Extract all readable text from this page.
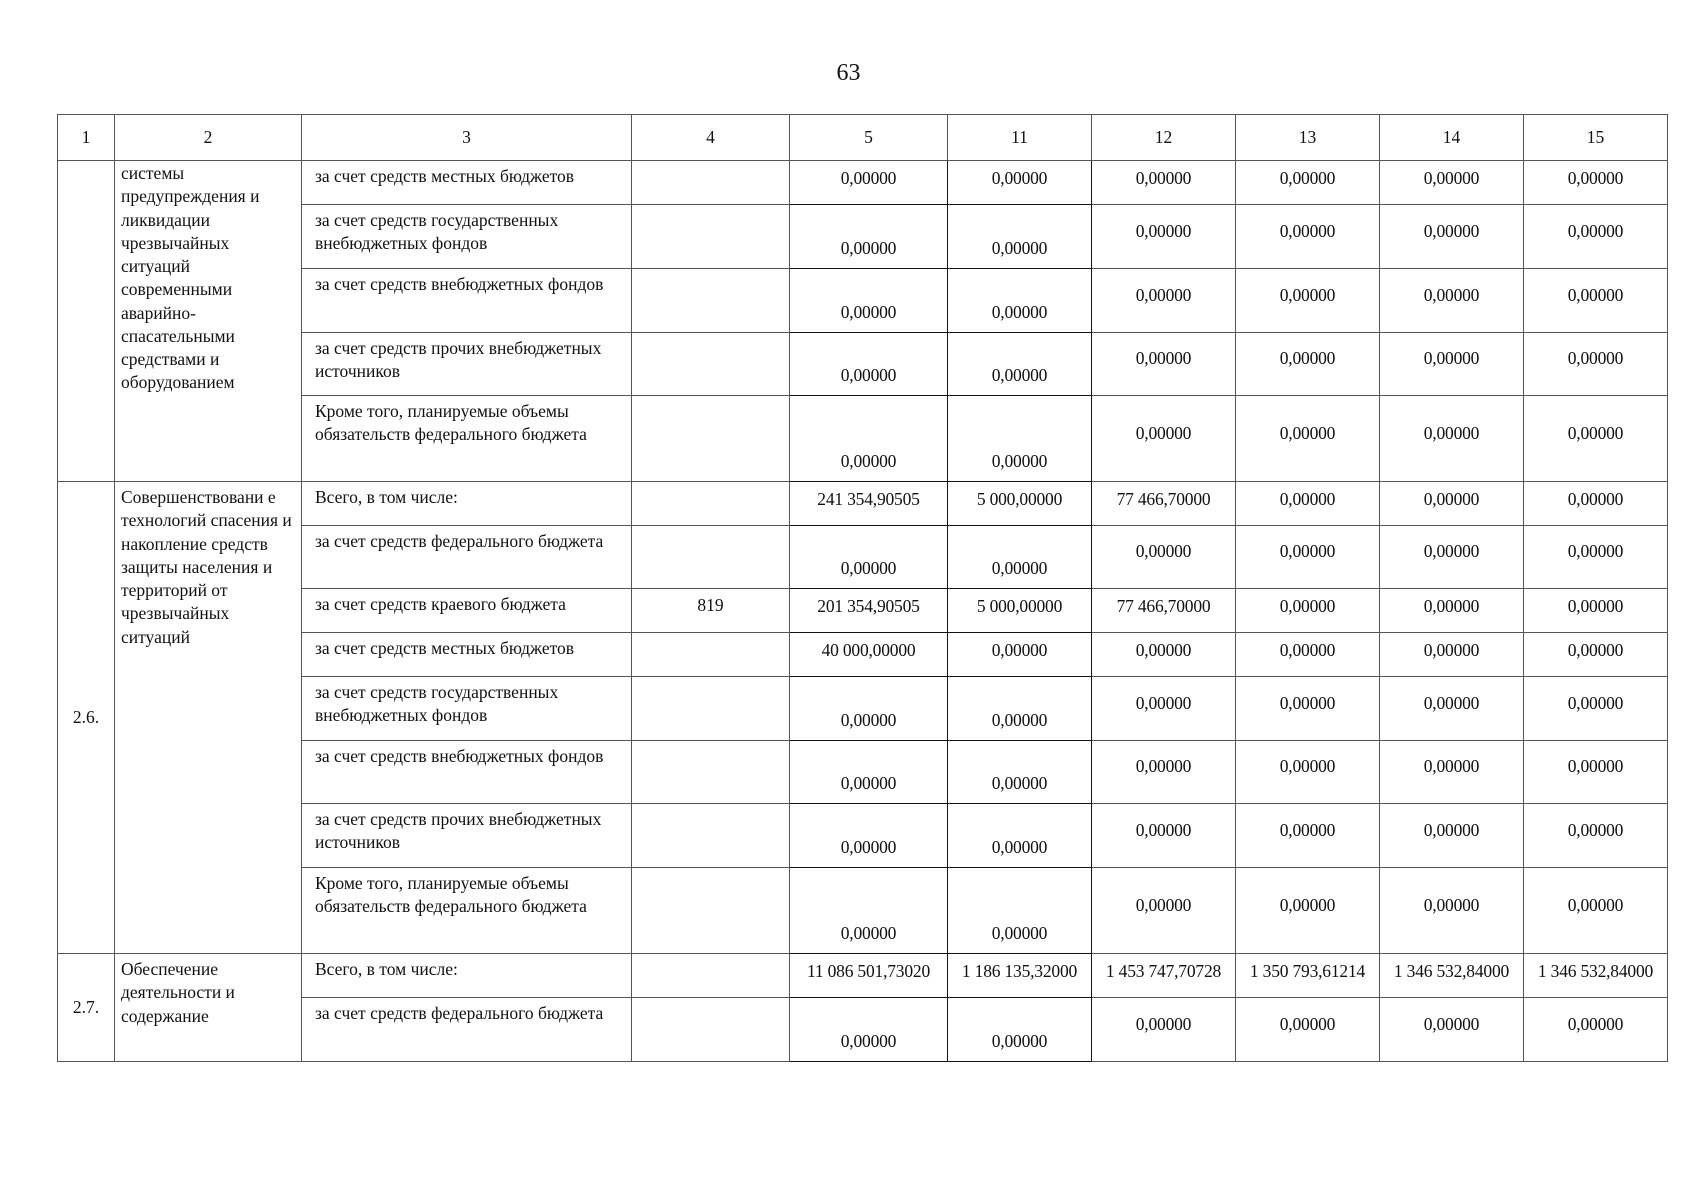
63
1	2	3	4	5	11	12	13	14	15
	системы предупреждения и ликвидации чрезвычайных ситуаций современными аварийно-спасательными средствами и оборудованием	за счет средств местных бюджетов		0,00000	0,00000	0,00000	0,00000	0,00000	0,00000
		за счет средств государственных внебюджетных фондов		0,00000	0,00000	0,00000	0,00000	0,00000	0,00000
		за счет средств внебюджетных фондов		0,00000	0,00000	0,00000	0,00000	0,00000	0,00000
		за счет средств прочих внебюджетных источников		0,00000	0,00000	0,00000	0,00000	0,00000	0,00000
		Кроме того, планируемые объемы обязательств федерального бюджета		0,00000	0,00000	0,00000	0,00000	0,00000	0,00000
2.6.	Совершенствовани е технологий спасения и накопление средств защиты населения и территорий от чрезвычайных ситуаций	Всего, в том числе:		241 354,90505	5 000,00000	77 466,70000	0,00000	0,00000	0,00000
		за счет средств федерального бюджета		0,00000	0,00000	0,00000	0,00000	0,00000	0,00000
		за счет средств краевого бюджета	819	201 354,90505	5 000,00000	77 466,70000	0,00000	0,00000	0,00000
		за счет средств местных бюджетов		40 000,00000	0,00000	0,00000	0,00000	0,00000	0,00000
		за счет средств государственных внебюджетных фондов		0,00000	0,00000	0,00000	0,00000	0,00000	0,00000
		за счет средств внебюджетных фондов		0,00000	0,00000	0,00000	0,00000	0,00000	0,00000
		за счет средств прочих внебюджетных источников		0,00000	0,00000	0,00000	0,00000	0,00000	0,00000
		Кроме того, планируемые объемы обязательств федерального бюджета		0,00000	0,00000	0,00000	0,00000	0,00000	0,00000
2.7.	Обеспечение деятельности и содержание	Всего, в том числе:		11 086 501,73020	1 186 135,32000	1 453 747,70728	1 350 793,61214	1 346 532,84000	1 346 532,84000
		за счет средств федерального бюджета		0,00000	0,00000	0,00000	0,00000	0,00000	0,00000
